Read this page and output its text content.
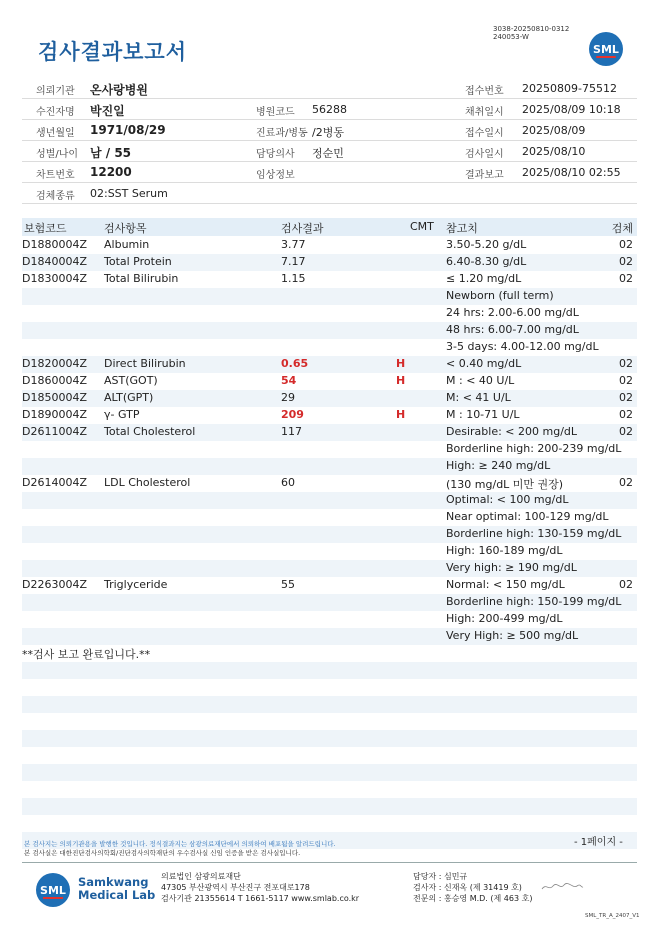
검사결과보고서
3038-20250810-0312
240053-W
SML
의뢰기관 온사랑병원	접수번호 20250809-75512
수진자명 박진일	병원코드 56288	채취일시 2025/08/09 10:18
생년월일 1971/08/29	진료과/병동 /2병동	접수일시 2025/08/09
성별/나이 남 / 55	담당의사 정순민	검사일시 2025/08/10
차트번호 12200	임상정보	결과보고 2025/08/10 02:55
검체종류 02:SST Serum
보험코드	검사항목	검사결과	CMT 참고치	검체
D1880004Z Albumin	3.77	3.50-5.20 g/dL	02
D1840004Z Total Protein	7.17	6.40-8.30 g/dL	02
D1830004Z Total Bilirubin	1.15	≤ 1.20 mg/dL	02
Newborn (full term)
24 hrs: 2.00-6.00 mg/dL
48 hrs: 6.00-7.00 mg/dL
3-5 days: 4.00-12.00 mg/dL
D1820004Z Direct Bilirubin	0.65	H	< 0.40 mg/dL	02
D1860004Z AST(GOT)	54	H	M : < 40 U/L	02
D1850004Z ALT(GPT)	29	M: < 41 U/L	02
D1890004Z γ- GTP	209	H	M : 10-71 U/L	02
D2611004Z Total Cholesterol	117	Desirable: < 200 mg/dL	02
Borderline high: 200-239 mg/dL
High: ≥ 240 mg/dL
D2614004Z LDL Cholesterol	60	(130 mg/dL 미만 권장)	02
Optimal: < 100 mg/dL
Near optimal: 100-129 mg/dL
Borderline high: 130-159 mg/dL
High: 160-189 mg/dL
Very high: ≥ 190 mg/dL
D2263004Z Triglyceride	55	Normal: < 150 mg/dL	02
Borderline high: 150-199 mg/dL
High: 200-499 mg/dL
Very High: ≥ 500 mg/dL
**검사 보고 완료입니다.**
- 1페이지 -
본 검사지는 의뢰기관용을 발행한 것입니다. 정식결과지는 삼광의료재단에서 의뢰하여 배포됨을 알려드립니다.
본 검사실은 대한진단검사의학회/진단검사의학재단의 우수검사실 신임 인증을 받은 검사실입니다.
SML
Samkwang
Medical Lab
의료법인 삼광의료재단
47305 부산광역시 부산진구 전포대로178
검사기관 21355614 T 1661-5117 www.smlab.co.kr
담당자 : 심민규
검사자 : 신재옥 (제 31419 호)
전문의 : 홍승영 M.D. (제 463 호)
SML_TR_A_2407_V1
